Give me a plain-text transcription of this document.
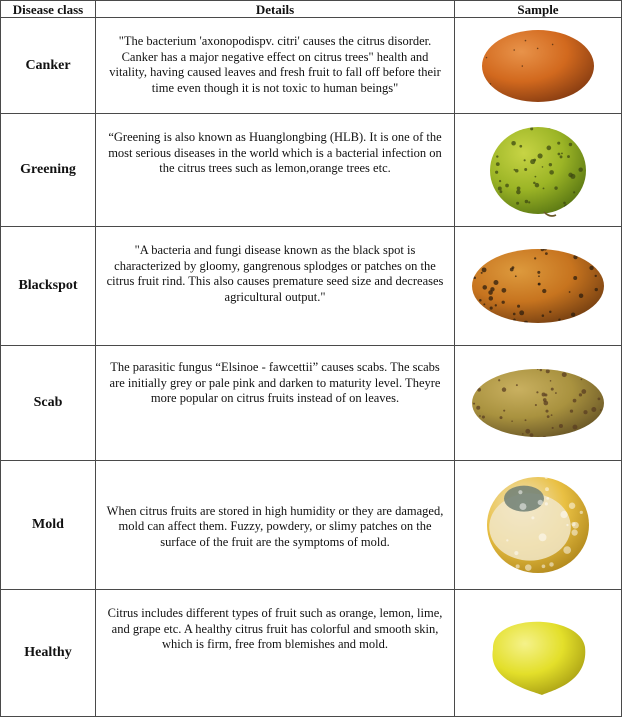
Disease class	Details	Sample
Canker	"The bacterium 'axonopodispv. citri' causes the citrus disorder. Canker has a major negative effect on citrus trees" health and vitality, having caused leaves and fresh fruit to fall off before their time even though it is not toxic to human beings"	

Greening	“Greening is also known as Huanglongbing (HLB). It is one of the most serious diseases in the world which is a bacterial infection on the citrus trees such as lemon,orange trees etc.	

Blackspot	"A bacteria and fungi disease known as the black spot is characterized by gloomy, gangrenous splodges or patches on the citrus fruit rind. This also causes premature seed size and decreases agricultural output."	

Scab	The parasitic fungus “Elsinoe - fawcettii” causes scabs. The scabs are initially grey or pale pink and darken to maturity level. Theyre more popular on citrus fruits instead of on leaves.	

Mold	When citrus fruits are stored in high humidity or they are damaged, mold can affect them. Fuzzy, powdery, or slimy patches on the surface of the fruit are the symptoms of mold.	

Healthy	Citrus includes different types of fruit such as orange, lemon, lime, and grape etc. A healthy citrus fruit has colorful and smooth skin, which is firm, free from blemishes and mold.	
